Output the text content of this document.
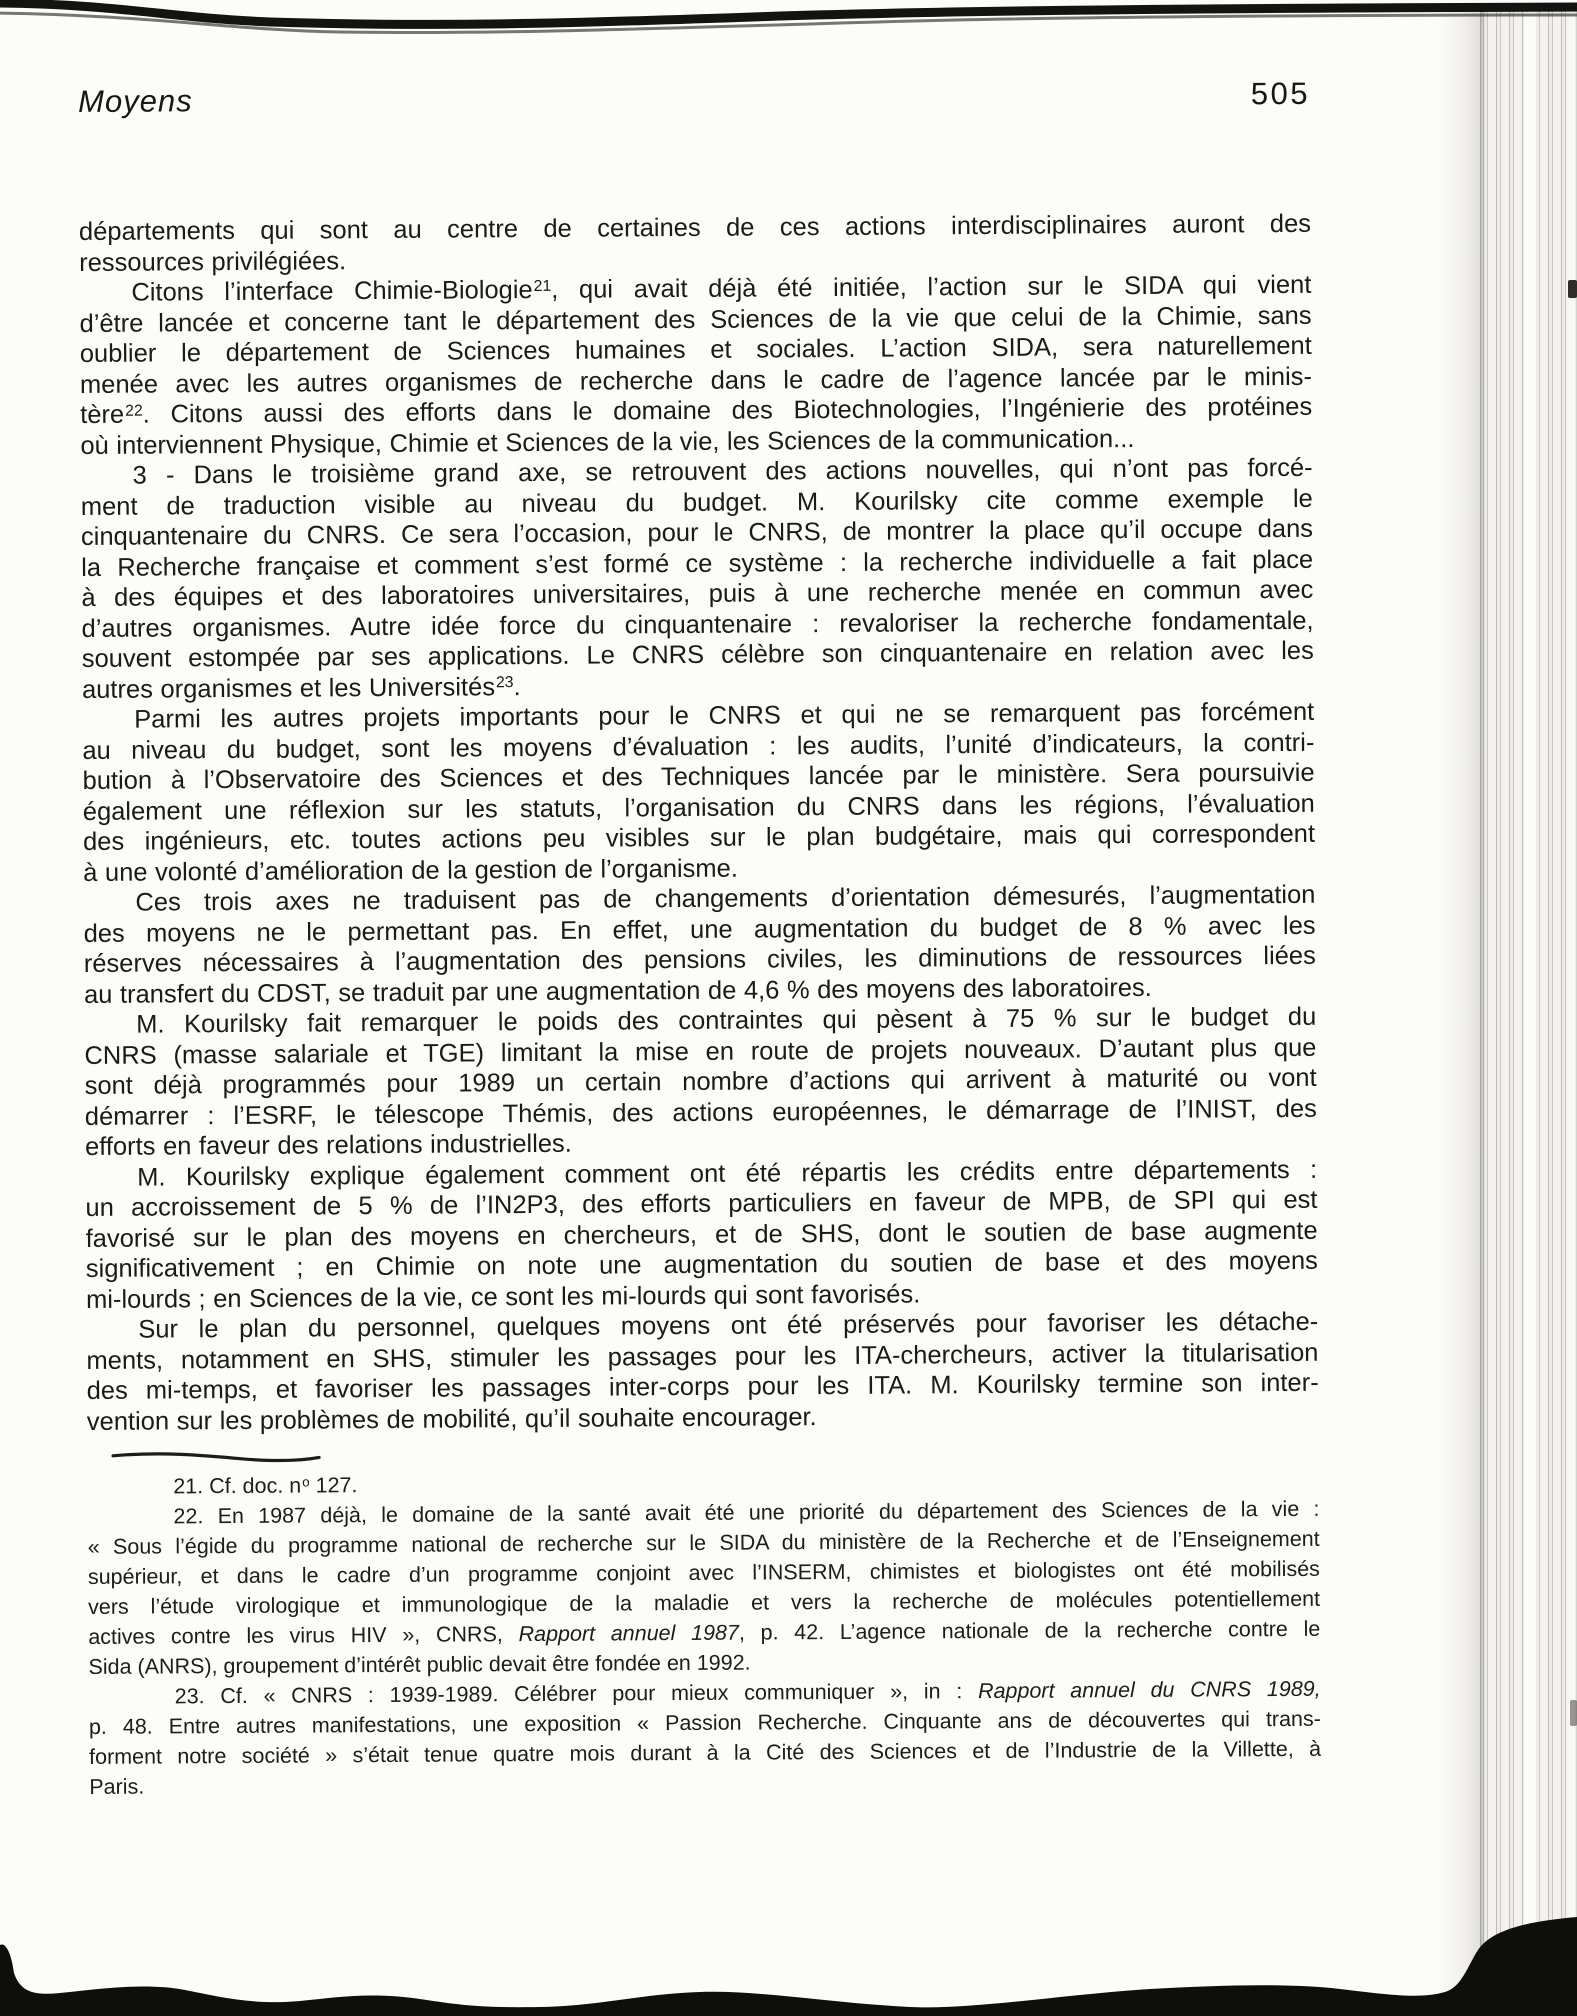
Moyens	505
départements qui sont au centre de certaines de ces actions interdisciplinaires auront des
ressources privilégiées.
Citons l’interface Chimie-Biologie$^{21}$, qui avait déjà été initiée, l’action sur le SIDA qui vient
d’être lancée et concerne tant le département des Sciences de la vie que celui de la Chimie, sans
oublier le département de Sciences humaines et sociales. L’action SIDA, sera naturellement
menée avec les autres organismes de recherche dans le cadre de l’agence lancée par le minis-
tère$^{22}$. Citons aussi des efforts dans le domaine des Biotechnologies, l’Ingénierie des protéines
où interviennent Physique, Chimie et Sciences de la vie, les Sciences de la communication...
3 - Dans le troisième grand axe, se retrouvent des actions nouvelles, qui n’ont pas forcé-
ment de traduction visible au niveau du budget. M. Kourilsky cite comme exemple le
cinquantenaire du CNRS. Ce sera l’occasion, pour le CNRS, de montrer la place qu’il occupe dans
la Recherche française et comment s’est formé ce système : la recherche individuelle a fait place
à des équipes et des laboratoires universitaires, puis à une recherche menée en commun avec
d’autres organismes. Autre idée force du cinquantenaire : revaloriser la recherche fondamentale,
souvent estompée par ses applications. Le CNRS célèbre son cinquantenaire en relation avec les
autres organismes et les Universités$^{23}$.
Parmi les autres projets importants pour le CNRS et qui ne se remarquent pas forcément
au niveau du budget, sont les moyens d’évaluation : les audits, l’unité d’indicateurs, la contri-
bution à l’Observatoire des Sciences et des Techniques lancée par le ministère. Sera poursuivie
également une réflexion sur les statuts, l’organisation du CNRS dans les régions, l’évaluation
des ingénieurs, etc. toutes actions peu visibles sur le plan budgétaire, mais qui correspondent
à une volonté d’amélioration de la gestion de l’organisme.
Ces trois axes ne traduisent pas de changements d’orientation démesurés, l’augmentation
des moyens ne le permettant pas. En effet, une augmentation du budget de 8 % avec les
réserves nécessaires à l’augmentation des pensions civiles, les diminutions de ressources liées
au transfert du CDST, se traduit par une augmentation de 4,6 % des moyens des laboratoires.
M. Kourilsky fait remarquer le poids des contraintes qui pèsent à 75 % sur le budget du
CNRS (masse salariale et TGE) limitant la mise en route de projets nouveaux. D’autant plus que
sont déjà programmés pour 1989 un certain nombre d’actions qui arrivent à maturité ou vont
démarrer : l’ESRF, le télescope Thémis, des actions européennes, le démarrage de l’INIST, des
efforts en faveur des relations industrielles.
M. Kourilsky explique également comment ont été répartis les crédits entre départements :
un accroissement de 5 % de l’IN2P3, des efforts particuliers en faveur de MPB, de SPI qui est
favorisé sur le plan des moyens en chercheurs, et de SHS, dont le soutien de base augmente
significativement ; en Chimie on note une augmentation du soutien de base et des moyens
mi-lourds ; en Sciences de la vie, ce sont les mi-lourds qui sont favorisés.
Sur le plan du personnel, quelques moyens ont été préservés pour favoriser les détache-
ments, notamment en SHS, stimuler les passages pour les ITA-chercheurs, activer la titularisation
des mi-temps, et favoriser les passages inter-corps pour les ITA. M. Kourilsky termine son inter-
vention sur les problèmes de mobilité, qu’il souhaite encourager.
21. Cf. doc. $n^o$ 127.
22. En 1987 déjà, le domaine de la santé avait été une priorité du département des Sciences de la vie :
« Sous l’égide du programme national de recherche sur le SIDA du ministère de la Recherche et de l’Enseignement
supérieur, et dans le cadre d’un programme conjoint avec l’INSERM, chimistes et biologistes ont été mobilisés
vers l’étude virologique et immunologique de la maladie et vers la recherche de molécules potentiellement
actives contre les virus HIV », CNRS, Rapport annuel 1987, p. 42. L’agence nationale de la recherche contre le
Sida (ANRS), groupement d’intérêt public devait être fondée en 1992.
23. Cf. « CNRS : 1939-1989. Célébrer pour mieux communiquer », in : Rapport annuel du CNRS 1989,
p. 48. Entre autres manifestations, une exposition « Passion Recherche. Cinquante ans de découvertes qui trans-
forment notre société » s’était tenue quatre mois durant à la Cité des Sciences et de l’Industrie de la Villette, à
Paris.
